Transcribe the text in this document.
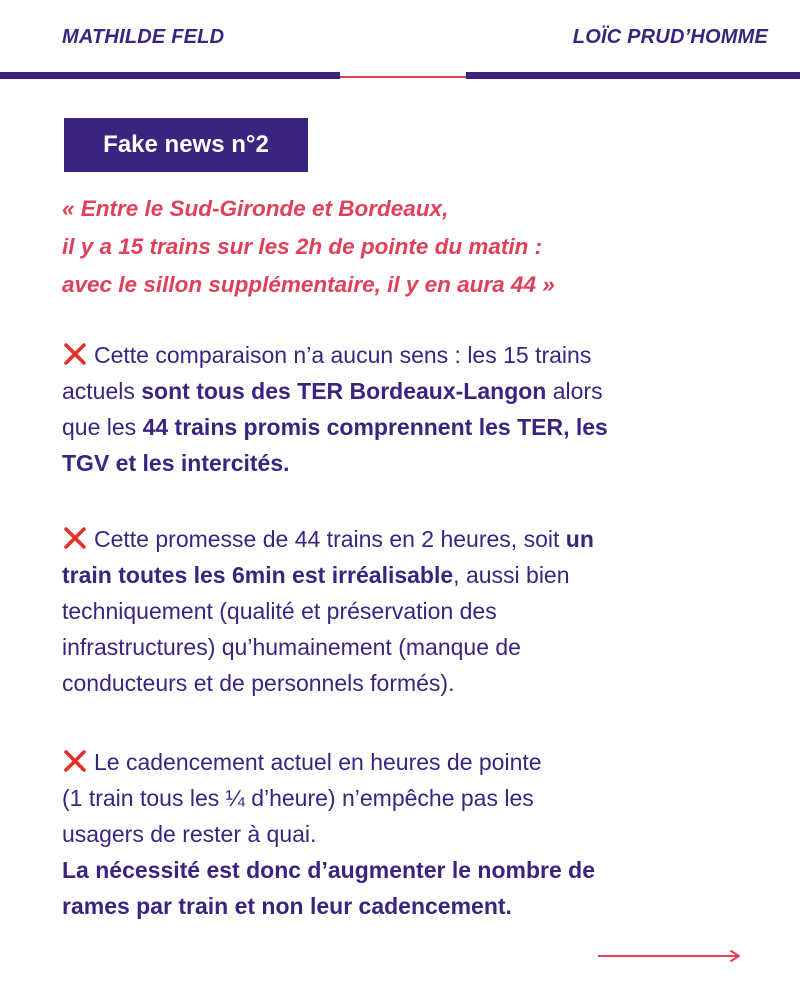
MATHILDE FELD	LOÏC PRUD’HOMME
Fake news n°2

« Entre le Sud-Gironde et Bordeaux,
il y a 15 trains sur les 2h de pointe du matin :
avec le sillon supplémentaire, il y en aura 44 »

Cette comparaison n’a aucun sens : les 15 trains
actuels sont tous des TER Bordeaux-Langon alors
que les 44 trains promis comprennent les TER, les
TGV et les intercités.

Cette promesse de 44 trains en 2 heures, soit un
train toutes les 6min est irréalisable, aussi bien
techniquement (qualité et préservation des
infrastructures) qu’humainement (manque de
conducteurs et de personnels formés).

Le cadencement actuel en heures de pointe
(1 train tous les ¼ d’heure) n’empêche pas les
usagers de rester à quai.
La nécessité est donc d’augmenter le nombre de
rames par train et non leur cadencement.
